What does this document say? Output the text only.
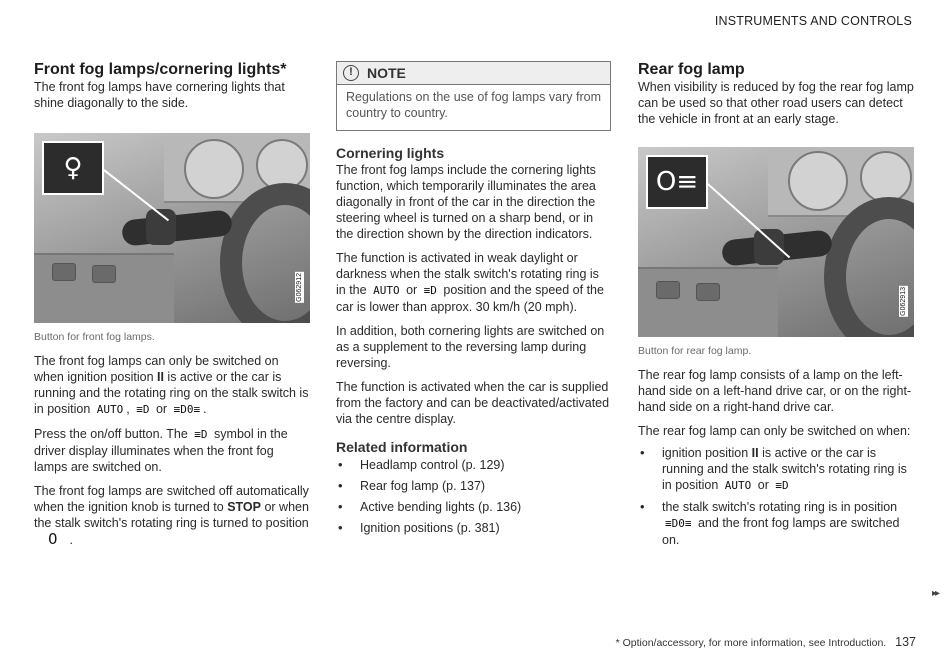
INSTRUMENTS AND CONTROLS
Front fog lamps/cornering lights*

The front fog lamps have cornering lights that shine diagonally to the side.

♀
G062912

Button for front fog lamps.

The front fog lamps can only be switched on when ignition position II is active or the car is running and the rotating ring on the stalk switch is in position AUTO , ≡D or ≡D0≡ .

Press the on/off button. The ≡D symbol in the driver display illuminates when the front fog lamps are switched on.

The front fog lamps are switched off automatically when the ignition knob is turned to STOP or when the stalk switch's rotating ring is turned to position 0 .

!	NOTE
Regulations on the use of fog lamps vary from country to country.
Cornering lights

The front fog lamps include the cornering lights function, which temporarily illuminates the area diagonally in front of the car in the direction the steering wheel is turned on a sharp bend, or in the direction shown by the direction indicators.

The function is activated in weak daylight or darkness when the stalk switch's rotating ring is in the AUTO or ≡D position and the speed of the car is lower than approx. 30 km/h (20 mph).

In addition, both cornering lights are switched on as a supplement to the reversing lamp during reversing.

The function is activated when the car is supplied from the factory and can be deactivated/activated via the centre display.

Related information
• Headlamp control (p. 129)
• Rear fog lamp (p. 137)
• Active bending lights (p. 136)
• Ignition positions (p. 381)
Rear fog lamp

When visibility is reduced by fog the rear fog lamp can be used so that other road users can detect the vehicle in front at an early stage.

O≡
G062913

Button for rear fog lamp.

The rear fog lamp consists of a lamp on the left-hand side on a left-hand drive car, or on the right-hand side on a right-hand drive car.

The rear fog lamp can only be switched on when:

• ignition position II is active or the car is running and the stalk switch's rotating ring is in position AUTO or ≡D
• the stalk switch's rotating ring is in position ≡D0≡ and the front fog lamps are switched on.
▸▸
* Option/accessory, for more information, see Introduction. 137
